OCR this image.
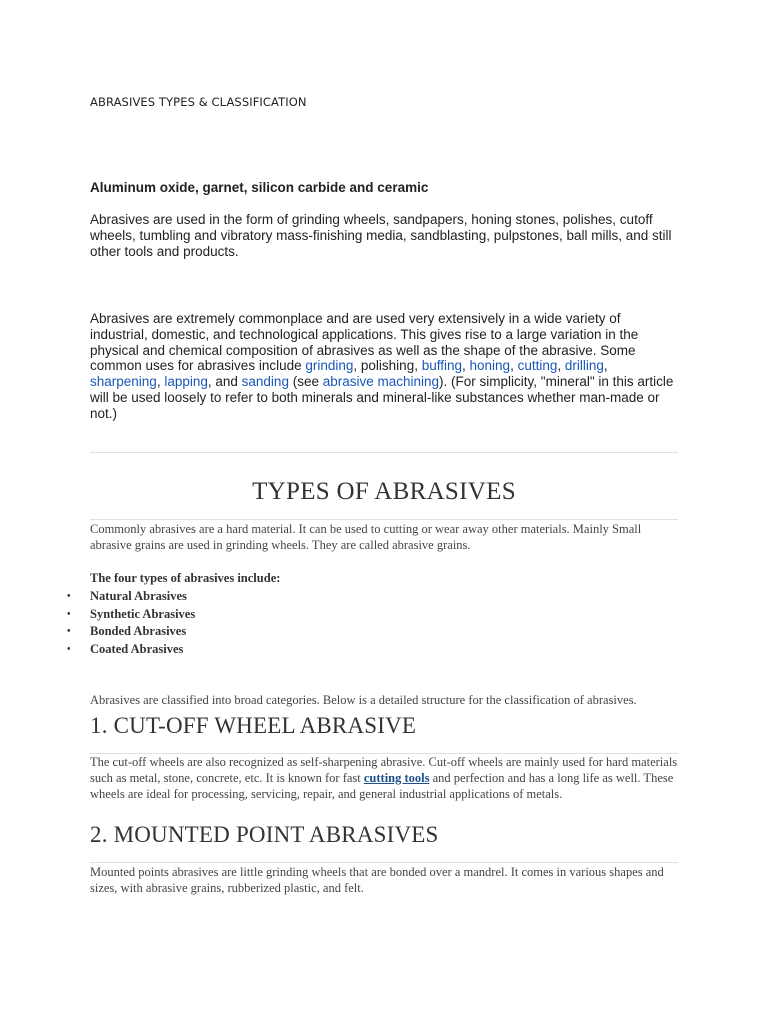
ABRASIVES TYPES & CLASSIFICATION
Aluminum oxide, garnet, silicon carbide and ceramic
Abrasives are used in the form of grinding wheels, sandpapers, honing stones, polishes, cutoff wheels, tumbling and vibratory mass-finishing media, sandblasting, pulpstones, ball mills, and still other tools and products.
Abrasives are extremely commonplace and are used very extensively in a wide variety of industrial, domestic, and technological applications. This gives rise to a large variation in the physical and chemical composition of abrasives as well as the shape of the abrasive. Some common uses for abrasives include grinding, polishing, buffing, honing, cutting, drilling, sharpening, lapping, and sanding (see abrasive machining). (For simplicity, "mineral" in this article will be used loosely to refer to both minerals and mineral-like substances whether man-made or not.)
TYPES OF ABRASIVES
Commonly abrasives are a hard material. It can be used to cutting or wear away other materials. Mainly Small abrasive grains are used in grinding wheels. They are called abrasive grains.
The four types of abrasives include:
• Natural Abrasives
• Synthetic Abrasives
• Bonded Abrasives
• Coated Abrasives
Abrasives are classified into broad categories. Below is a detailed structure for the classification of abrasives.
1. CUT-OFF WHEEL ABRASIVE
The cut-off wheels are also recognized as self-sharpening abrasive. Cut-off wheels are mainly used for hard materials such as metal, stone, concrete, etc. It is known for fast cutting tools and perfection and has a long life as well. These wheels are ideal for processing, servicing, repair, and general industrial applications of metals.
2. MOUNTED POINT ABRASIVES
Mounted points abrasives are little grinding wheels that are bonded over a mandrel. It comes in various shapes and sizes, with abrasive grains, rubberized plastic, and felt.
